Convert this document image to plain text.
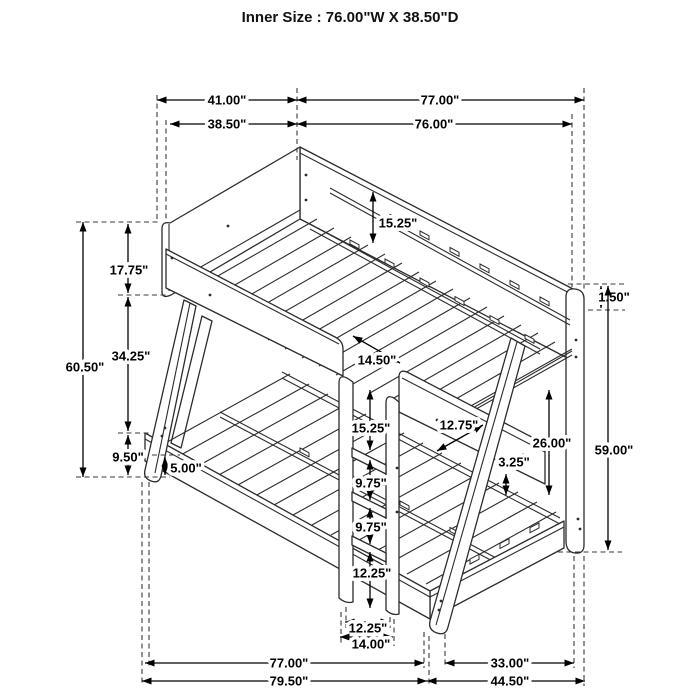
41.00"	77.00"
38.50"	76.00"
60.50"
17.75"
34.25"
9.50"
5.00"
1.50"
59.00"
26.00"
15.25"
14.50"
12.75"
3.25"
15.25"
9.75"
9.75"
12.25"
12.25"
14.00"
77.00"	33.00"
79.50"	44.50"
Inner Size : 76.00"W X 38.50"D
